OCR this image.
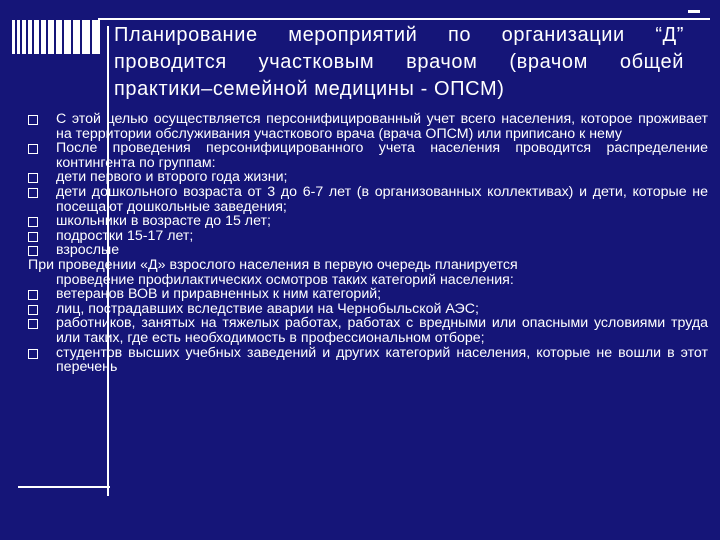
Планирование мероприятий по организации “Д” проводится участковым врачом (врачом общей практики–семейной медицины - ОПСМ)

С этой целью осуществляется персонифицированный учет всего населения, которое проживает на территории обслуживания участкового врача (врача ОПСМ) или приписано к нему

После проведения персонифицированного учета населения проводится распределение контингента по группам:

дети первого и второго года жизни;

дети дошкольного возраста от 3 до 6-7 лет (в организованных коллективах) и дети, которые не посещают дошкольные заведения;

школьники в возрасте до 15 лет;

подростки 15-17 лет;

взрослые

При проведении «Д» взрослого населения в первую очередь планируется
проведение профилактических осмотров таких категорий населения:

ветеранов ВОВ и приравненных к ним категорий;

лиц, пострадавших вследствие аварии на Чернобыльской АЭС;

работников, занятых на тяжелых работах, работах с вредными или опасными условиями труда или таких, где есть необходимость в профессиональном отборе;

студентов высших учебных заведений и других категорий населения, которые не вошли в этот перечень
